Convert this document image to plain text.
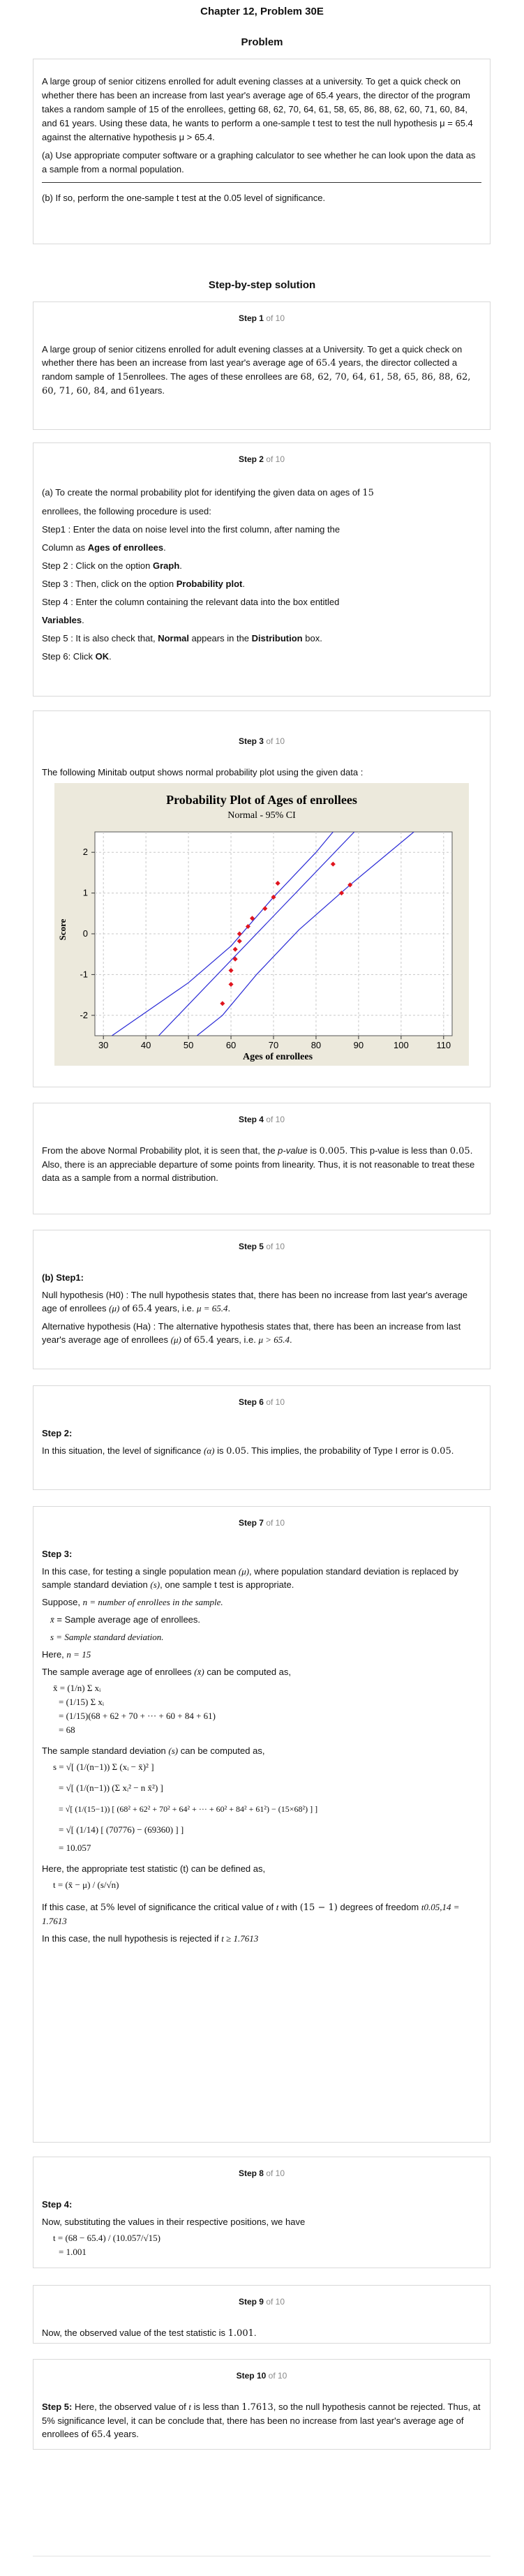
Chapter 12, Problem 30E
Problem

A large group of senior citizens enrolled for adult evening classes at a university. To get a quick check on whether there has been an increase from last year's average age of 65.4 years, the director of the program takes a random sample of 15 of the enrollees, getting 68, 62, 70, 64, 61, 58, 65, 86, 88, 62, 60, 71, 60, 84, and 61 years. Using these data, he wants to perform a one-sample t test to test the null hypothesis μ = 65.4 against the alternative hypothesis μ > 65.4.

(a) Use appropriate computer software or a graphing calculator to see whether he can look upon the data as a sample from a normal population.

(b) If so, perform the one-sample t test at the 0.05 level of significance.

Step-by-step solution
Step 1 of 10

A large group of senior citizens enrolled for adult evening classes at a University. To get a quick check on whether there has been an increase from last year's average age of 65.4 years, the director collected a random sample of 15enrollees. The ages of these enrollees are 68, 62, 70, 64, 61, 58, 65, 86, 88, 62, 60, 71, 60, 84, and 61years.

Step 2 of 10
(a) To create the normal probability plot for identifying the given data on ages of 15
enrollees, the following procedure is used:
Step1 : Enter the data on noise level into the first column, after naming the
Column as Ages of enrollees.
Step 2 : Click on the option Graph.
Step 3 : Then, click on the option Probability plot.
Step 4 : Enter the column containing the relevant data into the box entitled
Variables.
Step 5 : It is also check that, Normal appears in the Distribution box.
Step 6: Click OK.
Step 3 of 10

The following Minitab output shows normal probability plot using the given data :

Probability Plot of Ages of enrollees
Normal - 95% CI
Ages of enrollees
Score
30	40	50	60	70	80	90	100	110
-2
-1
0
1
2
Step 4 of 10

From the above Normal Probability plot, it is seen that, the p-value is 0.005. This p-value is less than 0.05. Also, there is an appreciable departure of some points from linearity. Thus, it is not reasonable to treat these data as a sample from a normal distribution.

Step 5 of 10

(b) Step1:

Null hypothesis (H0) : The null hypothesis states that, there has been no increase from last year's average age of enrollees (μ) of 65.4 years, i.e. μ = 65.4.

Alternative hypothesis (Ha) : The alternative hypothesis states that, there has been an increase from last year's average age of enrollees (μ) of 65.4 years, i.e. μ > 65.4.

Step 6 of 10

Step 2:

In this situation, the level of significance (α) is 0.05. This implies, the probability of Type I error is 0.05.

Step 7 of 10

Step 3:

In this case, for testing a single population mean (μ), where population standard deviation is replaced by sample standard deviation (s), one sample t test is appropriate.

Suppose, n = number of enrollees in the sample.

x̄ = Sample average age of enrollees.

s = Sample standard deviation.

Here, n = 15

The sample average age of enrollees (x̄) can be computed as,

x̄ = (1/n) Σ xᵢ
= (1/15) Σ xᵢ
= (1/15)(68 + 62 + 70 + ··· + 60 + 84 + 61)
= 68

The sample standard deviation (s) can be computed as,

s = √[ (1/(n−1)) Σ (xᵢ − x̄)² ]
= √[ (1/(n−1)) (Σ xᵢ² − n x̄²) ]
= √[ (1/(15−1)) [ (68² + 62² + 70² + 64² + ··· + 60² + 84² + 61²) − (15×68²) ] ]
= √[ (1/14) [ (70776) − (69360) ] ]
= 10.057

Here, the appropriate test statistic (t) can be defined as,

t = (x̄ − μ) / (s/√n)

If this case, at 5% level of significance the critical value of t with (15 − 1) degrees of freedom t0.05,14 = 1.7613

In this case, the null hypothesis is rejected if t ≥ 1.7613

Step 8 of 10

Step 4:

Now, substituting the values in their respective positions, we have

t = (68 − 65.4) / (10.057/√15)
= 1.001
Step 9 of 10

Now, the observed value of the test statistic is 1.001.

Step 10 of 10

Step 5: Here, the observed value of t is less than 1.7613, so the null hypothesis cannot be rejected. Thus, at 5% significance level, it can be conclude that, there has been no increase from last year's average age of enrollees of 65.4 years.
